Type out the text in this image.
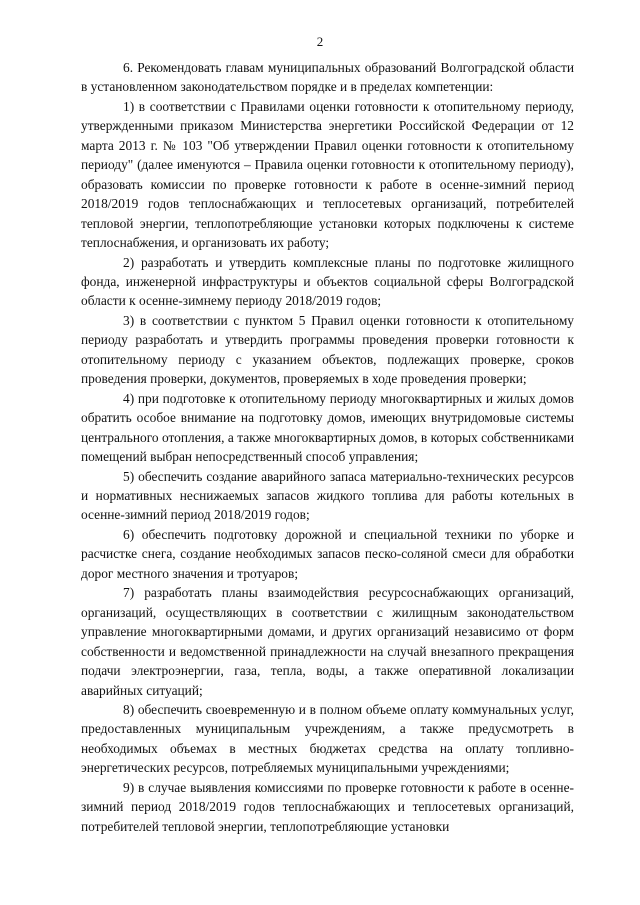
2

6. Рекомендовать главам муниципальных образований Волгоградской области в установленном законодательством порядке и в пределах компетенции:

1) в соответствии с Правилами оценки готовности к отопительному периоду, утвержденными приказом Министерства энергетики Российской Федерации от 12 марта 2013 г. № 103 "Об утверждении Правил оценки готовности к отопительному периоду" (далее именуются – Правила оценки готовности к отопительному периоду), образовать комиссии по проверке готовности к работе в осенне-зимний период 2018/2019 годов теплоснабжающих и теплосетевых организаций, потребителей тепловой энергии, теплопотребляющие установки которых подключены к системе теплоснабжения, и организовать их работу;

2) разработать и утвердить комплексные планы по подготовке жилищного фонда, инженерной инфраструктуры и объектов социальной сферы Волгоградской области к осенне-зимнему периоду 2018/2019 годов;

3) в соответствии с пунктом 5 Правил оценки готовности к отопительному периоду разработать и утвердить программы проведения проверки готовности к отопительному периоду с указанием объектов, подлежащих проверке, сроков проведения проверки, документов, проверяемых в ходе проведения проверки;

4) при подготовке к отопительному периоду многоквартирных и жилых домов обратить особое внимание на подготовку домов, имеющих внутридомовые системы центрального отопления, а также многоквартирных домов, в которых собственниками помещений выбран непосредственный способ управления;

5) обеспечить создание аварийного запаса материально-технических ресурсов и нормативных неснижаемых запасов жидкого топлива для работы котельных в осенне-зимний период 2018/2019 годов;

6) обеспечить подготовку дорожной и специальной техники по уборке и расчистке снега, создание необходимых запасов песко-соляной смеси для обработки дорог местного значения и тротуаров;

7) разработать планы взаимодействия ресурсоснабжающих организаций, организаций, осуществляющих в соответствии с жилищным законодательством управление многоквартирными домами, и других организаций независимо от форм собственности и ведомственной принадлежности на случай внезапного прекращения подачи электроэнергии, газа, тепла, воды, а также оперативной локализации аварийных ситуаций;

8) обеспечить своевременную и в полном объеме оплату коммунальных услуг, предоставленных муниципальным учреждениям, а также предусмотреть в необходимых объемах в местных бюджетах средства на оплату топливно-энергетических ресурсов, потребляемых муниципальными учреждениями;

9) в случае выявления комиссиями по проверке готовности к работе в осенне-зимний период 2018/2019 годов теплоснабжающих и теплосетевых организаций, потребителей тепловой энергии, теплопотребляющие установки
